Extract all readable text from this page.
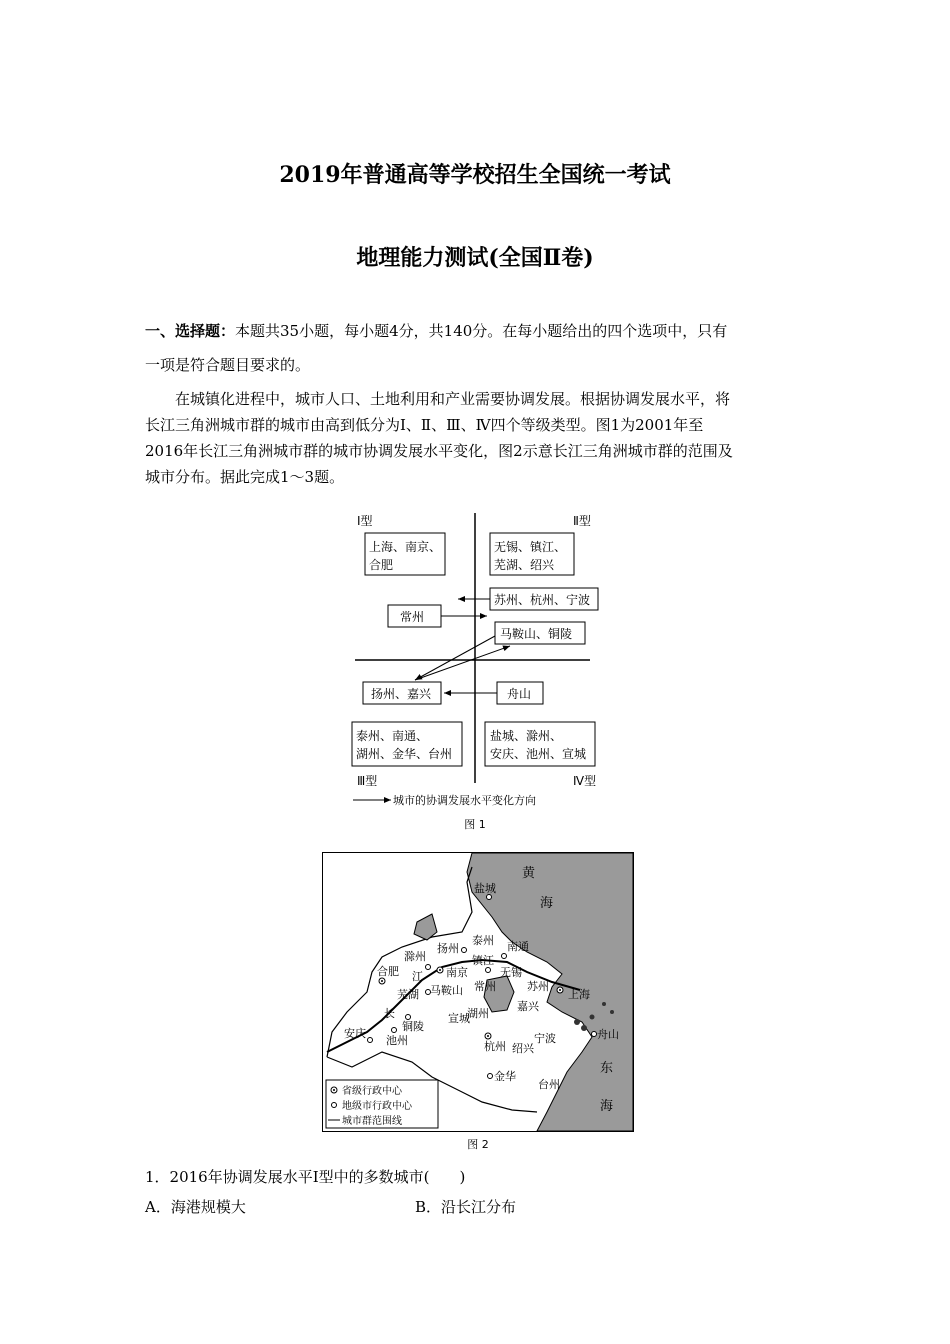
2019年普通高等学校招生全国统一考试
地理能力测试(全国Ⅱ卷)
一、选择题：本题共35小题，每小题4分，共140分。在每小题给出的四个选项中，只有
一项是符合题目要求的。
在城镇化进程中，城市人口、土地利用和产业需要协调发展。根据协调发展水平，将
长江三角洲城市群的城市由高到低分为Ⅰ、Ⅱ、Ⅲ、Ⅳ四个等级类型。图1为2001年至
2016年长江三角洲城市群的城市协调发展水平变化，图2示意长江三角洲城市群的范围及
城市分布。据此完成1～3题。
Ⅰ型	Ⅱ型
Ⅲ型	Ⅳ型
上海、南京、
合肥
无锡、镇江、
芜湖、绍兴
苏州、杭州、宁波
常州
马鞍山、铜陵
扬州、嘉兴	舟山
泰州、南通、
湖州、金华、台州
盐城、滁州、
安庆、池州、宣城
城市的协调发展水平变化方向
图 1
黄
海
东
海
盐城
泰州
扬州	南通
滁州	镇江
合肥	南京	无锡
常州
江
芜湖 马鞍山	苏州
上海
嘉兴
长
铜陵
宣城
湖州
舟山
安庆
池州	宁波
杭州 绍兴
金华
台州
省级行政中心
地级市行政中心
城市群范围线
图 2
1．2016年协调发展水平Ⅰ型中的多数城市(　　)
A．海港规模大	B．沿长江分布
